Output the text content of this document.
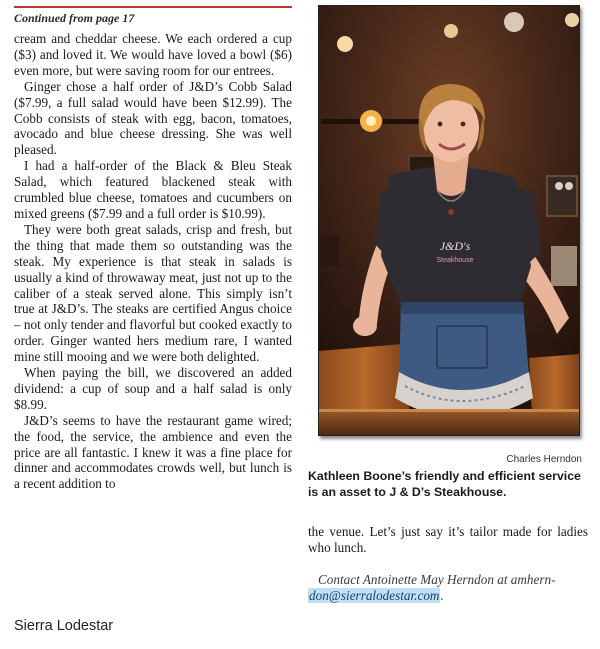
Continued from page 17

cream and cheddar cheese. We each ordered a cup ($3) and loved it. We would have loved a bowl ($6) even more, but were saving room for our entrees.

Ginger chose a half order of J&D’s Cobb Salad ($7.99, a full salad would have been $12.99). The Cobb consists of steak with egg, bacon, tomatoes, avocado and blue cheese dressing. She was well pleased.

I had a half-order of the Black & Bleu Steak Salad, which featured blackened steak with crumbled blue cheese, tomatoes and cucumbers on mixed greens ($7.99 and a full order is $10.99).

They were both great salads, crisp and fresh, but the thing that made them so outstanding was the steak. My experience is that steak in salads is usually a kind of throwaway meat, just not up to the caliber of a steak served alone. This simply isn’t true at J&D’s. The steaks are certified Angus choice – not only tender and flavorful but cooked exactly to order. Ginger wanted hers medium rare, I wanted mine still mooing and we were both delighted.

When paying the bill, we discovered an added dividend: a cup of soup and a half salad is only $8.99.

J&D’s seems to have the restaurant game wired; the food, the service, the ambience and even the price are all fantastic. I knew it was a fine place for dinner and accommodates crowds well, but lunch is a recent addition to

Sierra Lodestar
J&D's
Steakhouse
Charles Herndon
Kathleen Boone’s friendly and efficient service is an asset to J & D’s Steakhouse.

the venue. Let’s just say it’s tailor made for ladies who lunch.

Contact Antoinette May Herndon at amhern-
don@sierralodestar.com.
